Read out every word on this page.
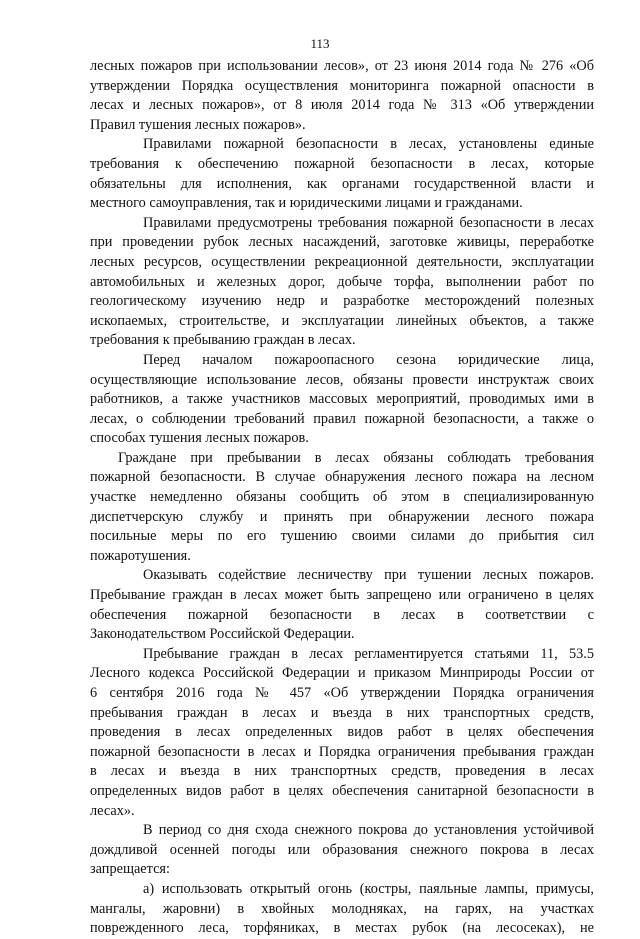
113
лесных пожаров при использовании лесов», от 23 июня 2014 года № 276 «Об
утверждении Порядка осуществления мониторинга пожарной опасности в
лесах и лесных пожаров», от 8 июля 2014 года № 313 «Об утверждении
Правил тушения лесных пожаров».
Правилами пожарной безопасности в лесах, установлены единые
требования к обеспечению пожарной безопасности в лесах, которые
обязательны для исполнения, как органами государственной власти и
местного самоуправления, так и юридическими лицами и гражданами.
Правилами предусмотрены требования пожарной безопасности в лесах
при проведении рубок лесных насаждений, заготовке живицы, переработке
лесных ресурсов, осуществлении рекреационной деятельности, эксплуатации
автомобильных и железных дорог, добыче торфа, выполнении работ по
геологическому изучению недр и разработке месторождений полезных
ископаемых, строительстве, и эксплуатации линейных объектов, а также
требования к пребыванию граждан в лесах.
Перед началом пожароопасного сезона юридические лица,
осуществляющие использование лесов, обязаны провести инструктаж своих
работников, а также участников массовых мероприятий, проводимых ими в
лесах, о соблюдении требований правил пожарной безопасности, а также о
способах тушения лесных пожаров.
Граждане при пребывании в лесах обязаны соблюдать требования
пожарной безопасности. В случае обнаружения лесного пожара на лесном
участке немедленно обязаны сообщить об этом в специализированную
диспетчерскую службу и принять при обнаружении лесного пожара
посильные меры по его тушению своими силами до прибытия сил
пожаротушения.
Оказывать содействие лесничеству при тушении лесных пожаров.
Пребывание граждан в лесах может быть запрещено или ограничено в целях
обеспечения пожарной безопасности в лесах в соответствии с
Законодательством Российской Федерации.
Пребывание граждан в лесах регламентируется статьями 11, 53.5
Лесного кодекса Российской Федерации и приказом Минприроды России от
6 сентября 2016 года № 457 «Об утверждении Порядка ограничения
пребывания граждан в лесах и въезда в них транспортных средств,
проведения в лесах определенных видов работ в целях обеспечения
пожарной безопасности в лесах и Порядка ограничения пребывания граждан
в лесах и въезда в них транспортных средств, проведения в лесах
определенных видов работ в целях обеспечения санитарной безопасности в
лесах».
В период со дня схода снежного покрова до установления устойчивой
дождливой осенней погоды или образования снежного покрова в лесах
запрещается:
а) использовать открытый огонь (костры, паяльные лампы, примусы,
мангалы, жаровни) в хвойных молодняках, на гарях, на участках
поврежденного леса, торфяниках, в местах рубок (на лесосеках), не
